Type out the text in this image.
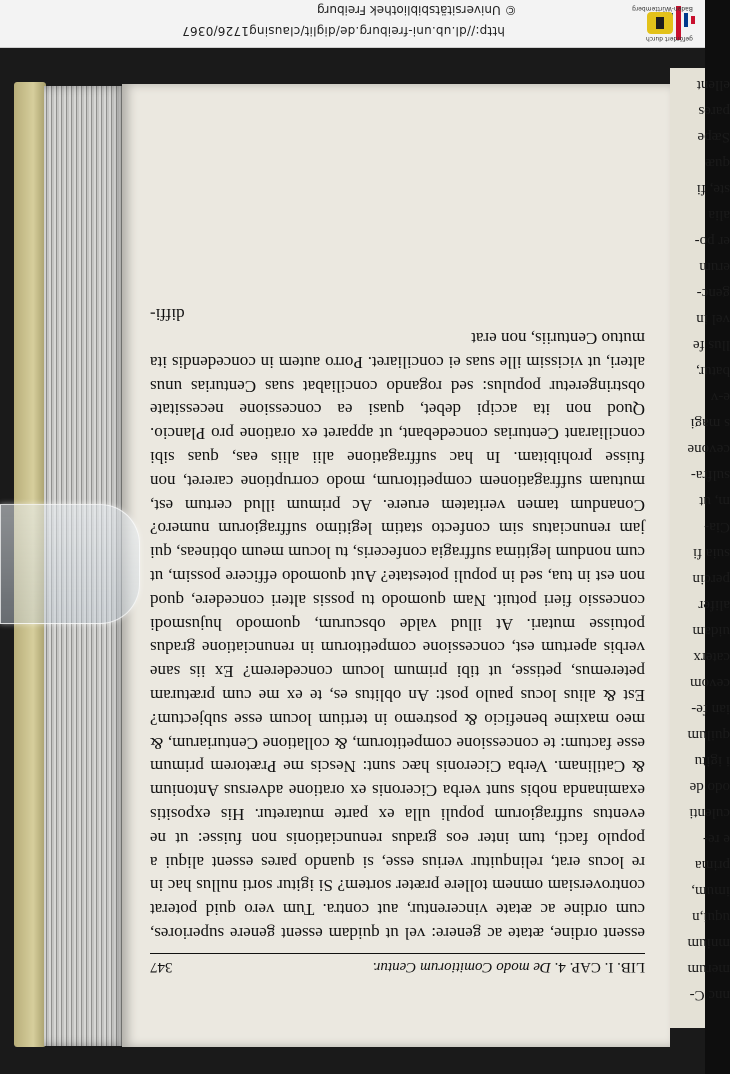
http://dl.ub.uni-freiburg.de/diglit/clausing1726/0367
© Universitätsbibliothek Freiburg	Baden-Württemberg
gefördert durch
nnc C-
merum
mnium
uqui,n
imum,
prima
e re-
culenti
odo de
i igitu
quilum
ian fe-
cevom
caterx
uidam
alifer
percin
suia fi
Cia-
m, ut
sulfra-
cevone
s magi
e-v
batur,
llus fe
vel in
genc-
erum
er po-
alia
ste, fi
quæ
Sæpe
pares
ellent
LIB. I. CAP. 4. De modo Comitiorum Centur.
347
essent ordine, ætate ac genere: vel ut quidam essent genere superiores, cum ordine ac ætate vincerentur, aut contra. Tum vero quid poterat controversiam omnem tollere præter sortem? Si igitur sorti nullus hac in re locus erat, relinquitur verius esse, si quando pares essent aliqui a populo facti, tum inter eos gradus renunciationis non fuisse: ut ne eventus suffragiorum populi ulla ex parte mutaretur. His expositis examinanda nobis sunt verba Ciceronis ex oratione adversus Antonium & Catilinam. Verba Ciceronis hæc sunt: Nescis me Prætorem primum esse factum: te concessione competitorum, & collatione Centuriarum, & meo maxime beneficio & postremo in tertium locum esse subjectum? Est & alius locus paulo post: An oblitus es, te ex me cum præturam peteremus, petisse, ut tibi primum locum concederem? Ex iis sane verbis apertum est, concessione competitorum in renunciatione gradus potuisse mutari. At illud valde obscurum, quomodo hujusmodi concessio fieri potuit. Nam quomodo tu possis alteri concedere, quod non est in tua, sed in populi potestate? Aut quomodo efficere possim, ut cum nondum legitima suffragia confeceris, tu locum meum obtineas, qui jam renunciatus sim confecto statim legitimo suffragiorum numero? Conandum tamen veritatem eruere. Ac primum illud certum est, mutuam suffragationem competitorum, modo corruptione careret, non fuisse prohibitam. In hac suffragatione alii aliis eas, quas sibi conciliarant Centurias concedebant, ut apparet ex oratione pro Plancio. Quod non ita accipi debet, quasi ea concessione necessitate obstringeretur populus: sed rogando conciliabat suas Centurias unus alteri, ut vicissim ille suas ei conciliaret. Porro autem in concedendis ita mutuo Centuriis, non erat
diffi-
